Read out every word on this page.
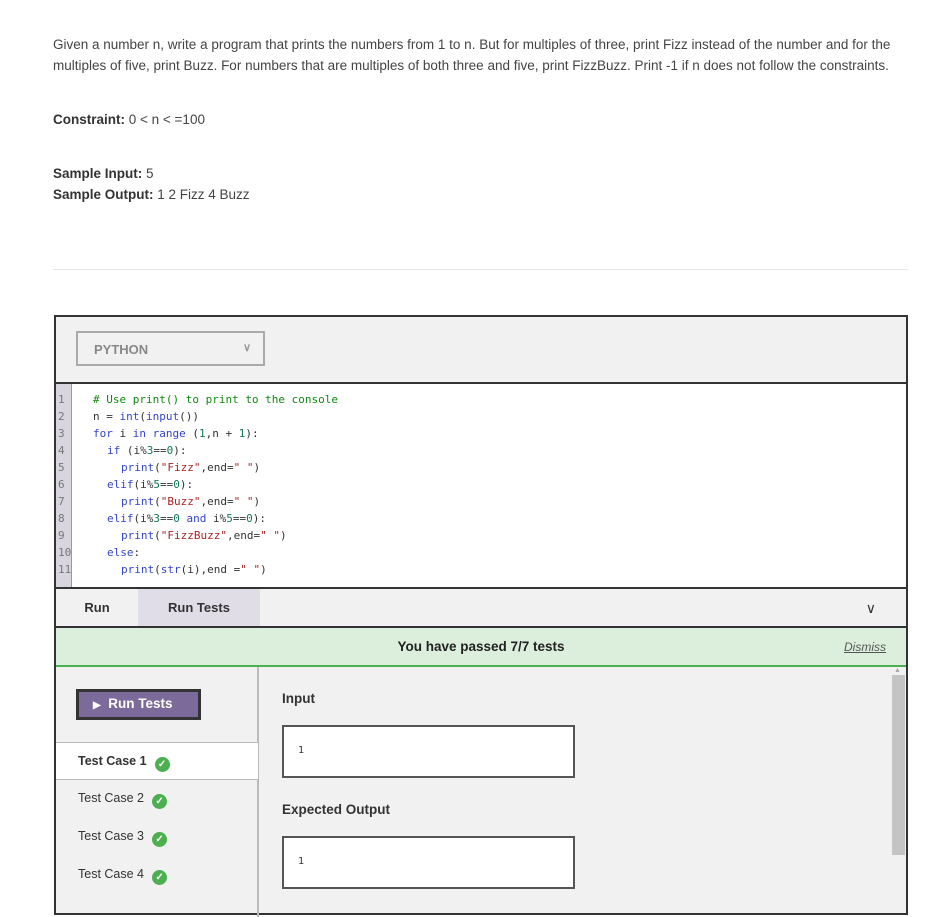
Given a number n, write a program that prints the numbers from 1 to n. But for multiples of three, print Fizz instead of the number and for the multiples of five, print Buzz. For numbers that are multiples of both three and five, print FizzBuzz. Print -1 if n does not follow the constraints.

Constraint: 0 < n < =100

Sample Input: 5

Sample Output: 1 2 Fizz 4 Buzz

PYTHON	∨
1
2
3
4
5
6
7
8
9
10
11
# Use print() to print to the console
n = int(input())
for i in range (1,n + 1):
if (i%3==0):
print("Fizz",end=" ")
elif(i%5==0):
print("Buzz",end=" ")
elif(i%3==0 and i%5==0):
print("FizzBuzz",end=" ")
else:
print(str(i),end =" ")
Run	Run Tests	∨
You have passed 7/7 tests	Dismiss
▶ Run Tests
Test Case 1 ✓
Test Case 2 ✓
Test Case 3 ✓
Test Case 4 ✓
Input
1
Expected Output
1
▲
